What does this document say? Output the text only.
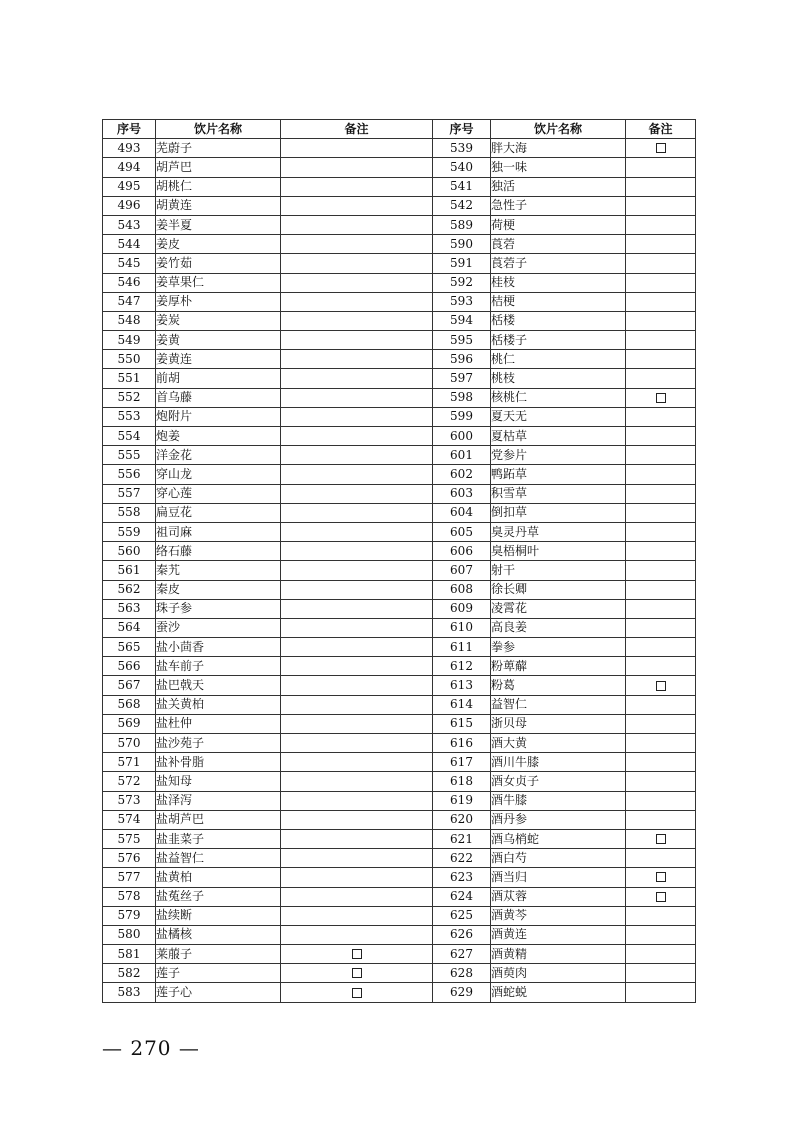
序号	饮片名称	备注	序号	饮片名称	备注
493	芜蔚子		539	胖大海	
494	胡芦巴		540	独一味	
495	胡桃仁		541	独活	
496	胡黄连		542	急性子	
543	姜半夏		589	荷梗	
544	姜皮		590	莨菪	
545	姜竹茹		591	莨菪子	
546	姜草果仁		592	桂枝	
547	姜厚朴		593	桔梗	
548	姜炭		594	栝楼	
549	姜黄		595	栝楼子	
550	姜黄连		596	桃仁	
551	前胡		597	桃枝	
552	首乌藤		598	核桃仁	
553	炮附片		599	夏天无	
554	炮姜		600	夏枯草	
555	洋金花		601	党参片	
556	穿山龙		602	鸭跖草	
557	穿心莲		603	积雪草	
558	扁豆花		604	倒扣草	
559	祖司麻		605	臭灵丹草	
560	络石藤		606	臭梧桐叶	
561	秦艽		607	射干	
562	秦皮		608	徐长卿	
563	珠子参		609	凌霄花	
564	蚕沙		610	高良姜	
565	盐小茴香		611	拳参	
566	盐车前子		612	粉萆薢	
567	盐巴戟天		613	粉葛	
568	盐关黄柏		614	益智仁	
569	盐杜仲		615	浙贝母	
570	盐沙苑子		616	酒大黄	
571	盐补骨脂		617	酒川牛膝	
572	盐知母		618	酒女贞子	
573	盐泽泻		619	酒牛膝	
574	盐胡芦巴		620	酒丹参	
575	盐韭菜子		621	酒乌梢蛇	
576	盐益智仁		622	酒白芍	
577	盐黄柏		623	酒当归	
578	盐菟丝子		624	酒苁蓉	
579	盐续断		625	酒黄芩	
580	盐橘核		626	酒黄连	
581	莱菔子		627	酒黄精	
582	莲子		628	酒萸肉	
583	莲子心		629	酒蛇蜕	
— 270 —
